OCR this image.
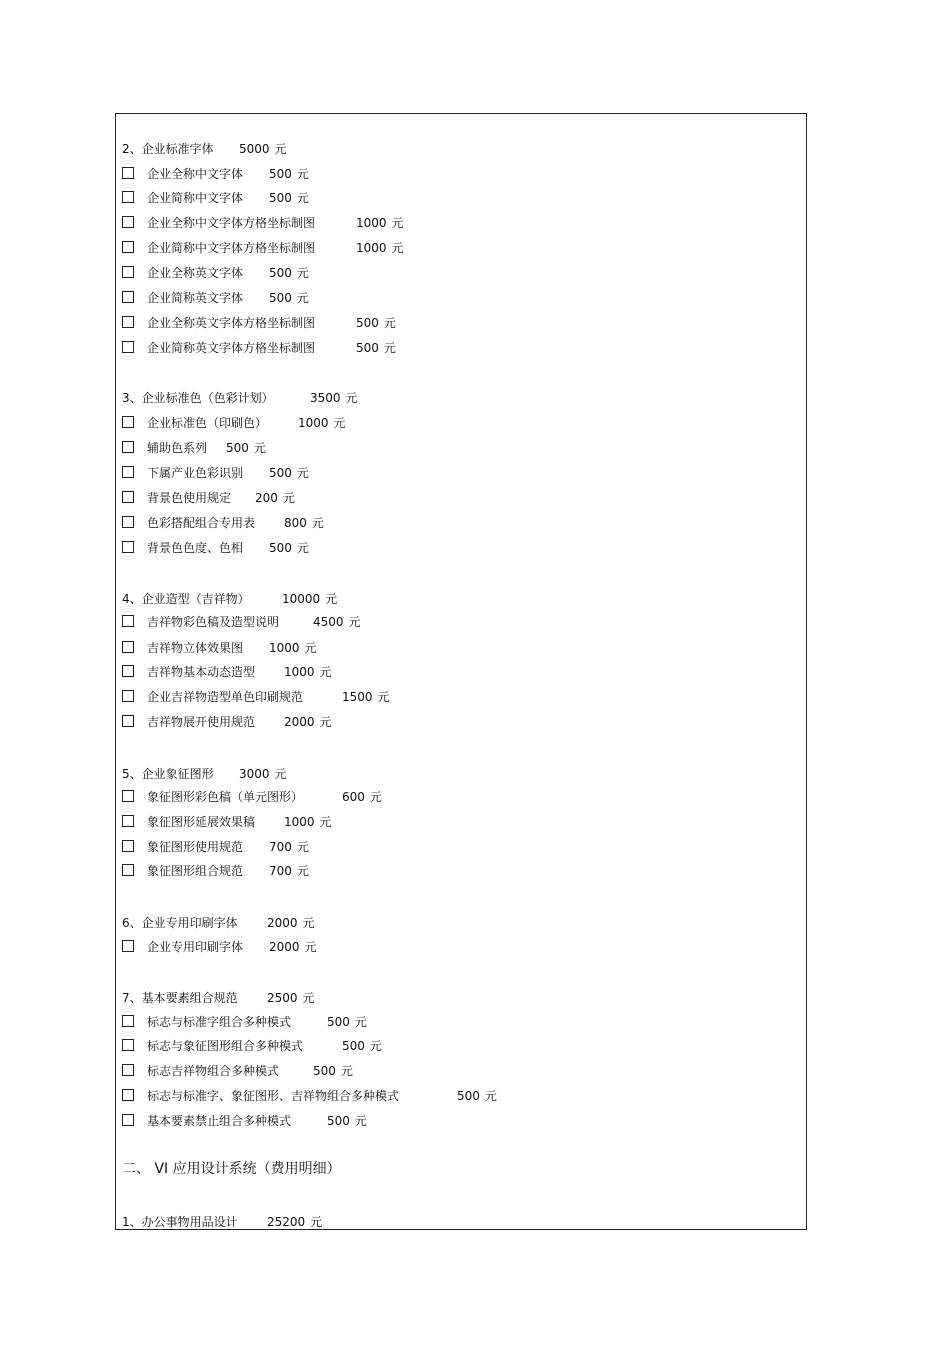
2、企业标准字体 5000 元
企业全称中文字体 500 元
企业简称中文字体 500 元
企业全称中文字体方格坐标制图	1000 元
企业简称中文字体方格坐标制图	1000 元
企业全称英文字体 500 元
企业简称英文字体 500 元
企业全称英文字体方格坐标制图	500 元
企业简称英文字体方格坐标制图	500 元
3、企业标准色（色彩计划）	3500 元
企业标准色（印刷色）	1000 元
辅助色系列 500 元
下属产业色彩识别 500 元
背景色使用规定 200 元
色彩搭配组合专用表 800 元
背景色色度、色相 500 元
4、企业造型（吉祥物）	10000 元
吉祥物彩色稿及造型说明	4500 元
吉祥物立体效果图 1000 元
吉祥物基本动态造型 1000 元
企业吉祥物造型单色印刷规范	1500 元
吉祥物展开使用规范 2000 元
5、企业象征图形 3000 元
象征图形彩色稿（单元图形）	600 元
象征图形延展效果稿 1000 元
象征图形使用规范 700 元
象征图形组合规范 700 元
6、企业专用印刷字体 2000 元
企业专用印刷字体 2000 元
7、基本要素组合规范 2500 元
标志与标准字组合多种模式	500 元
标志与象征图形组合多种模式	500 元
标志吉祥物组合多种模式	500 元
标志与标准字、象征图形、吉祥物组合多种模式	500 元
基本要素禁止组合多种模式	500 元
二、 VI 应用设计系统（费用明细）
1、办公事物用品设计 25200 元
